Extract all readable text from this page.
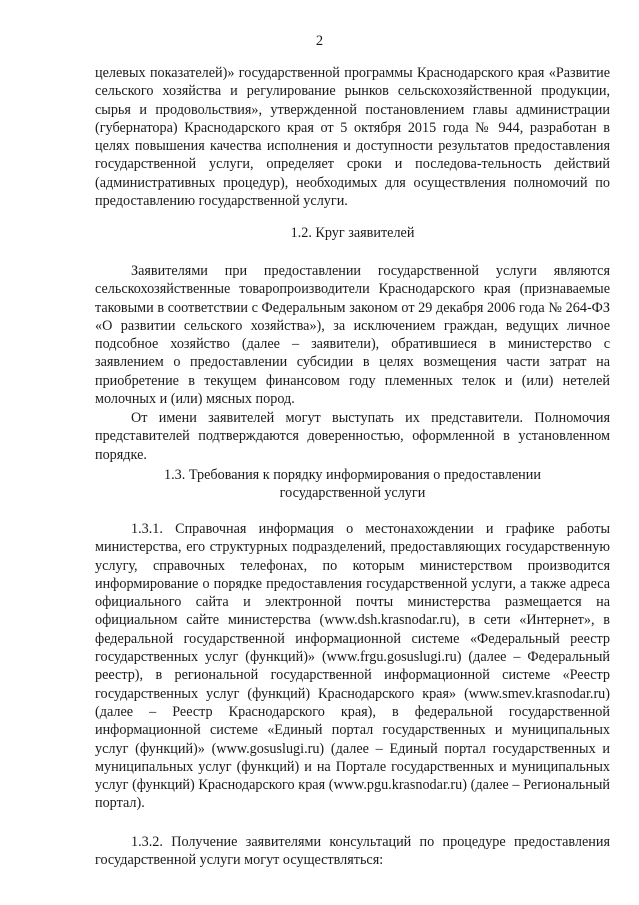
2

целевых показателей)» государственной программы Краснодарского края «Развитие сельского хозяйства и регулирование рынков сельскохозяйственной продукции, сырья и продовольствия», утвержденной постановлением главы администрации (губернатора) Краснодарского края от 5 октября 2015 года № 944, разработан в целях повышения качества исполнения и доступности результатов предоставления государственной услуги, определяет сроки и последова-тельность действий (административных процедур), необходимых для осуществления полномочий по предоставлению государственной услуги.

1.2. Круг заявителей

Заявителями при предоставлении государственной услуги являются сельскохозяйственные товаропроизводители Краснодарского края (признаваемые таковыми в соответствии с Федеральным законом от 29 декабря 2006 года № 264-ФЗ «О развитии сельского хозяйства»), за исключением граждан, ведущих личное подсобное хозяйство (далее – заявители), обратившиеся в министерство с заявлением о предоставлении субсидии в целях возмещения части затрат на приобретение в текущем финансовом году племенных телок и (или) нетелей молочных и (или) мясных пород.

От имени заявителей могут выступать их представители. Полномочия представителей подтверждаются доверенностью, оформленной в установленном порядке.

1.3. Требования к порядку информирования о предоставлении
государственной услуги

1.3.1. Справочная информация о местонахождении и графике работы министерства, его структурных подразделений, предоставляющих государственную услугу, справочных телефонах, по которым министерством производится информирование о порядке предоставления государственной услуги, а также адреса официального сайта и электронной почты министерства размещается на официальном сайте министерства (www.dsh.krasnodar.ru), в сети «Интернет», в федеральной государственной информационной системе «Федеральный реестр государственных услуг (функций)» (www.frgu.gosuslugi.ru) (далее – Федеральный реестр), в региональной государственной информационной системе «Реестр государственных услуг (функций) Краснодарского края» (www.smev.krasnodar.ru) (далее – Реестр Краснодарского края), в федеральной государственной информационной системе «Единый портал государственных и муниципальных услуг (функций)» (www.gosuslugi.ru) (далее – Единый портал государственных и муниципальных услуг (функций) и на Портале государственных и муниципальных услуг (функций) Краснодарского края (www.pgu.krasnodar.ru) (далее – Региональный портал).

1.3.2. Получение заявителями консультаций по процедуре предоставления государственной услуги могут осуществляться:
